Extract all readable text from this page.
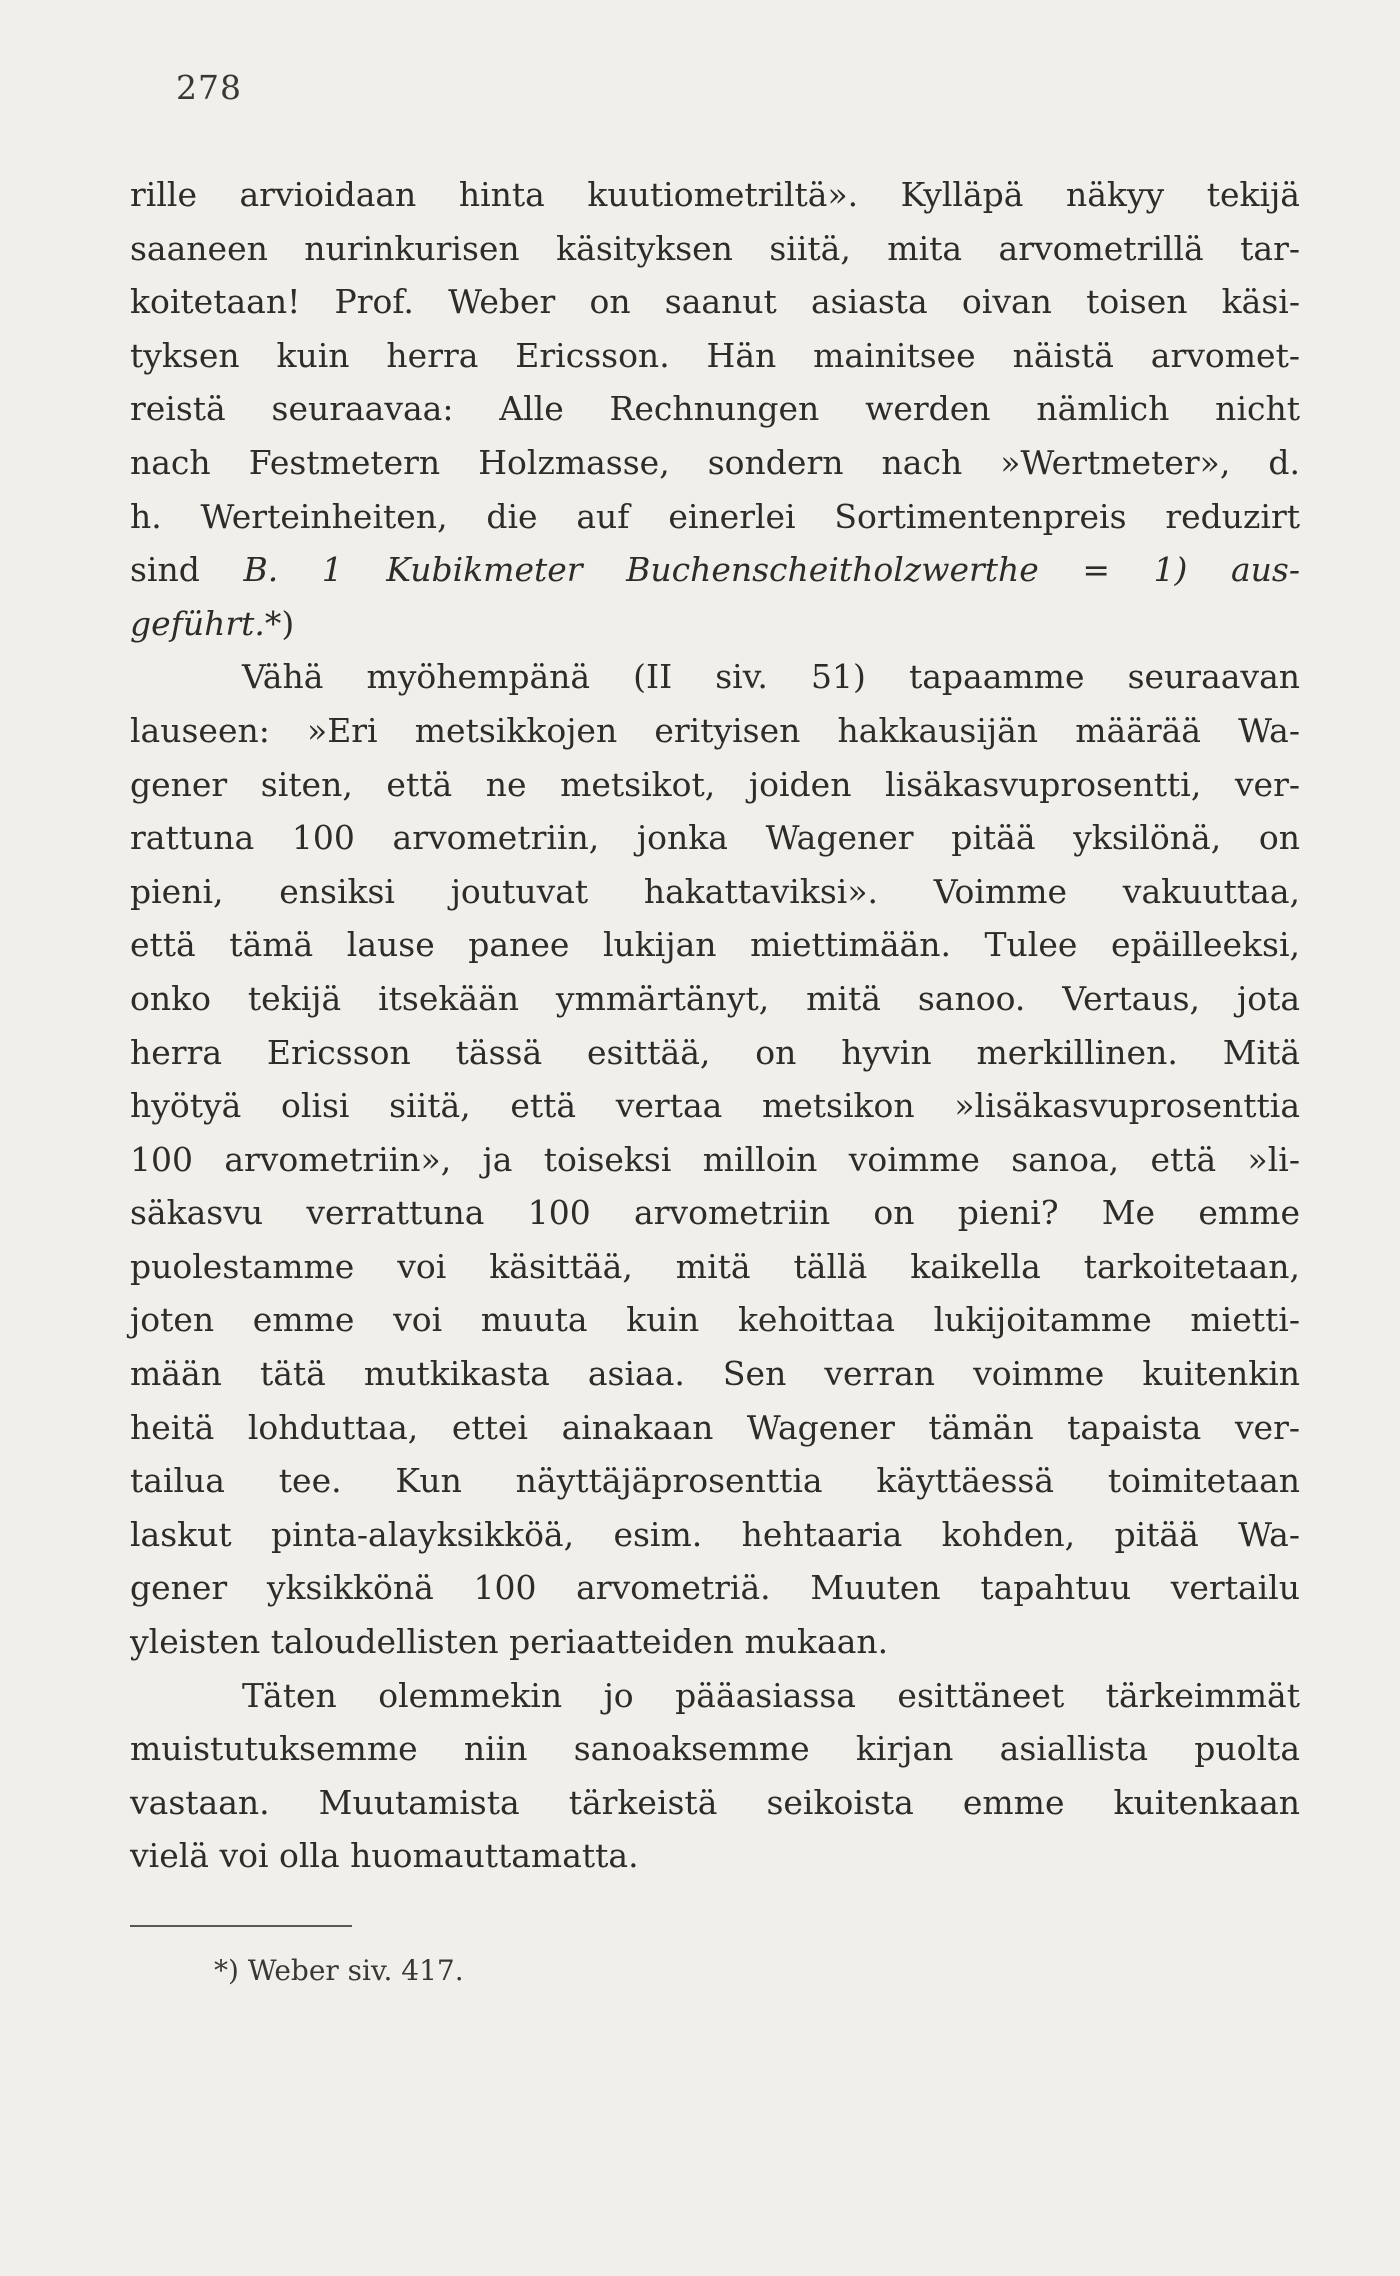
278
rille arvioidaan hinta kuutiometriltä». Kylläpä näkyy tekijä
saaneen nurinkurisen käsityksen siitä, mita arvometrillä tar-
koitetaan! Prof. Weber on saanut asiasta oivan toisen käsi-
tyksen kuin herra Ericsson. Hän mainitsee näistä arvomet-
reistä seuraavaa: Alle Rechnungen werden nämlich nicht
nach Festmetern Holzmasse, sondern nach »Wertmeter», d.
h. Werteinheiten, die auf einerlei Sortimentenpreis reduzirt
sind B. 1 Kubikmeter Buchenscheitholzwerthe = 1) aus-
geführt.*)
Vähä myöhempänä (II siv. 51) tapaamme seuraavan
lauseen: »Eri metsikkojen erityisen hakkausijän määrää Wa-
gener siten, että ne metsikot, joiden lisäkasvuprosentti, ver-
rattuna 100 arvometriin, jonka Wagener pitää yksilönä, on
pieni, ensiksi joutuvat hakattaviksi». Voimme vakuuttaa,
että tämä lause panee lukijan miettimään. Tulee epäilleeksi,
onko tekijä itsekään ymmärtänyt, mitä sanoo. Vertaus, jota
herra Ericsson tässä esittää, on hyvin merkillinen. Mitä
hyötyä olisi siitä, että vertaa metsikon »lisäkasvuprosenttia
100 arvometriin», ja toiseksi milloin voimme sanoa, että »li-
säkasvu verrattuna 100 arvometriin on pieni? Me emme
puolestamme voi käsittää, mitä tällä kaikella tarkoitetaan,
joten emme voi muuta kuin kehoittaa lukijoitamme mietti-
mään tätä mutkikasta asiaa. Sen verran voimme kuitenkin
heitä lohduttaa, ettei ainakaan Wagener tämän tapaista ver-
tailua tee. Kun näyttäjäprosenttia käyttäessä toimitetaan
laskut pinta-alayksikköä, esim. hehtaaria kohden, pitää Wa-
gener yksikkönä 100 arvometriä. Muuten tapahtuu vertailu
yleisten taloudellisten periaatteiden mukaan.
Täten olemmekin jo pääasiassa esittäneet tärkeimmät
muistutuksemme niin sanoaksemme kirjan asiallista puolta
vastaan. Muutamista tärkeistä seikoista emme kuitenkaan
vielä voi olla huomauttamatta.
*) Weber siv. 417.
